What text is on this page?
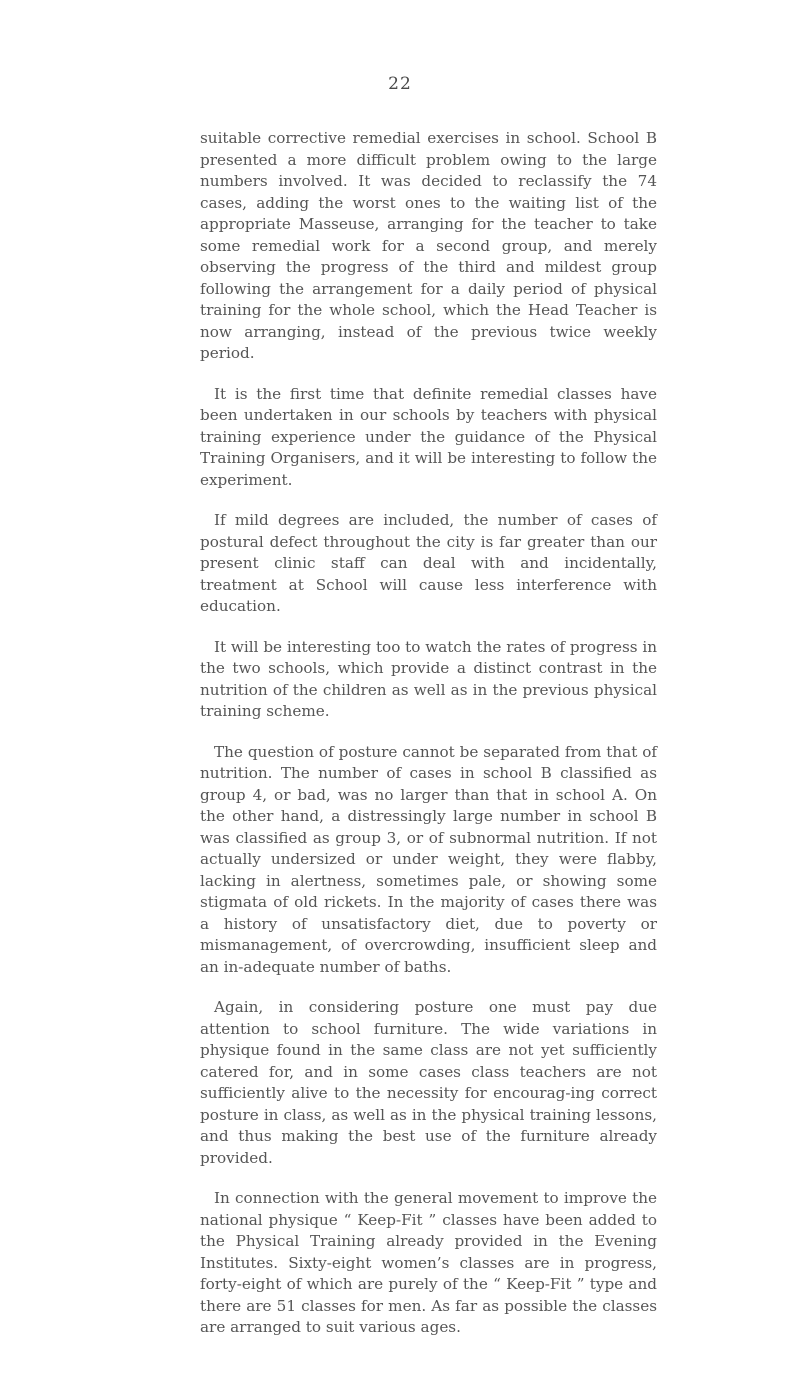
22

suitable corrective remedial exercises in school. School B presented a more difficult problem owing to the large numbers involved. It was decided to reclassify the 74 cases, adding the worst ones to the waiting list of the appropriate Masseuse, arranging for the teacher to take some remedial work for a second group, and merely observing the progress of the third and mildest group following the arrangement for a daily period of physical training for the whole school, which the Head Teacher is now arranging, instead of the previous twice weekly period.

It is the first time that definite remedial classes have been undertaken in our schools by teachers with physical training experience under the guidance of the Physical Training Organisers, and it will be interesting to follow the experiment.

If mild degrees are included, the number of cases of postural defect throughout the city is far greater than our present clinic staff can deal with and incidentally, treatment at School will cause less interference with education.

It will be interesting too to watch the rates of progress in the two schools, which provide a distinct contrast in the nutrition of the children as well as in the previous physical training scheme.

The question of posture cannot be separated from that of nutrition. The number of cases in school B classified as group 4, or bad, was no larger than that in school A. On the other hand, a distressingly large number in school B was classified as group 3, or of subnormal nutrition. If not actually undersized or under weight, they were flabby, lacking in alertness, sometimes pale, or showing some stigmata of old rickets. In the majority of cases there was a history of unsatisfactory diet, due to poverty or mismanagement, of overcrowding, insufficient sleep and an in-adequate number of baths.

Again, in considering posture one must pay due attention to school furniture. The wide variations in physique found in the same class are not yet sufficiently catered for, and in some cases class teachers are not sufficiently alive to the necessity for encourag-ing correct posture in class, as well as in the physical training lessons, and thus making the best use of the furniture already provided.

In connection with the general movement to improve the national physique “ Keep-Fit ” classes have been added to the Physical Training already provided in the Evening Institutes. Sixty-eight women’s classes are in progress, forty-eight of which are purely of the “ Keep-Fit ” type and there are 51 classes for men. As far as possible the classes are arranged to suit various ages.
